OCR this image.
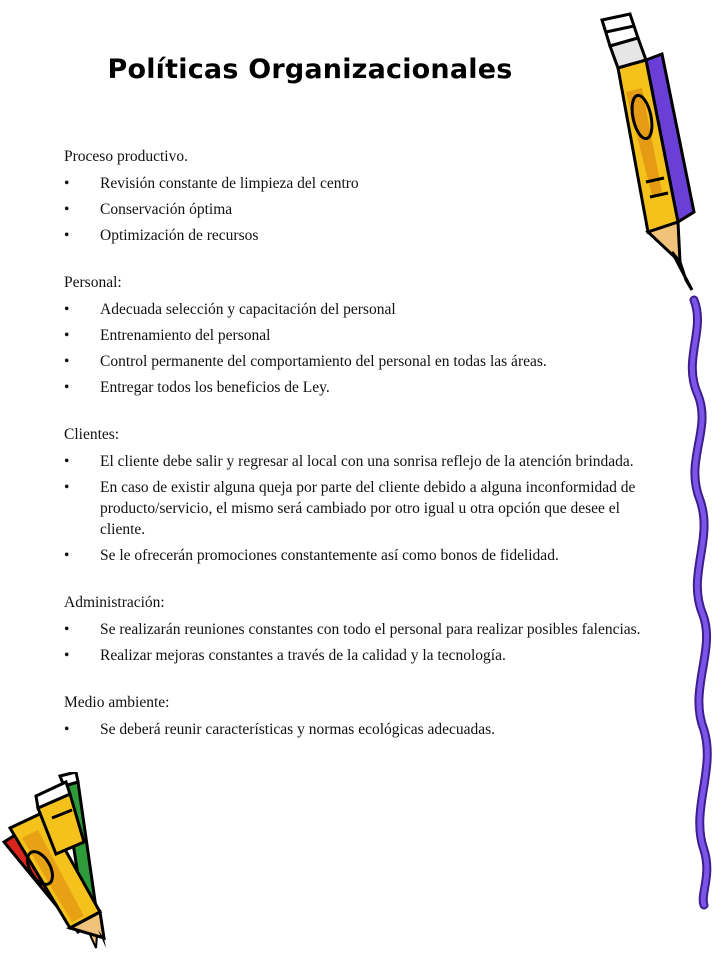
Políticas Organizacionales
Proceso productivo.
• Revisión constante de limpieza del centro
• Conservación óptima
• Optimización de recursos
Personal:
• Adecuada selección y capacitación del personal
• Entrenamiento del personal
• Control permanente del comportamiento del personal en todas las áreas.
• Entregar todos los beneficios de Ley.
Clientes:
• El cliente debe salir y regresar al local con una sonrisa reflejo de la atención brindada.
• En caso de existir alguna queja por parte del cliente debido a alguna inconformidad de producto/servicio, el mismo será cambiado por otro igual u otra opción que desee el cliente.
• Se le ofrecerán promociones constantemente así como bonos de fidelidad.
Administración:
• Se realizarán reuniones constantes con todo el personal para realizar posibles falencias.
• Realizar mejoras constantes a través de la calidad y la tecnología.
Medio ambiente:
• Se deberá reunir características y normas ecológicas adecuadas.
